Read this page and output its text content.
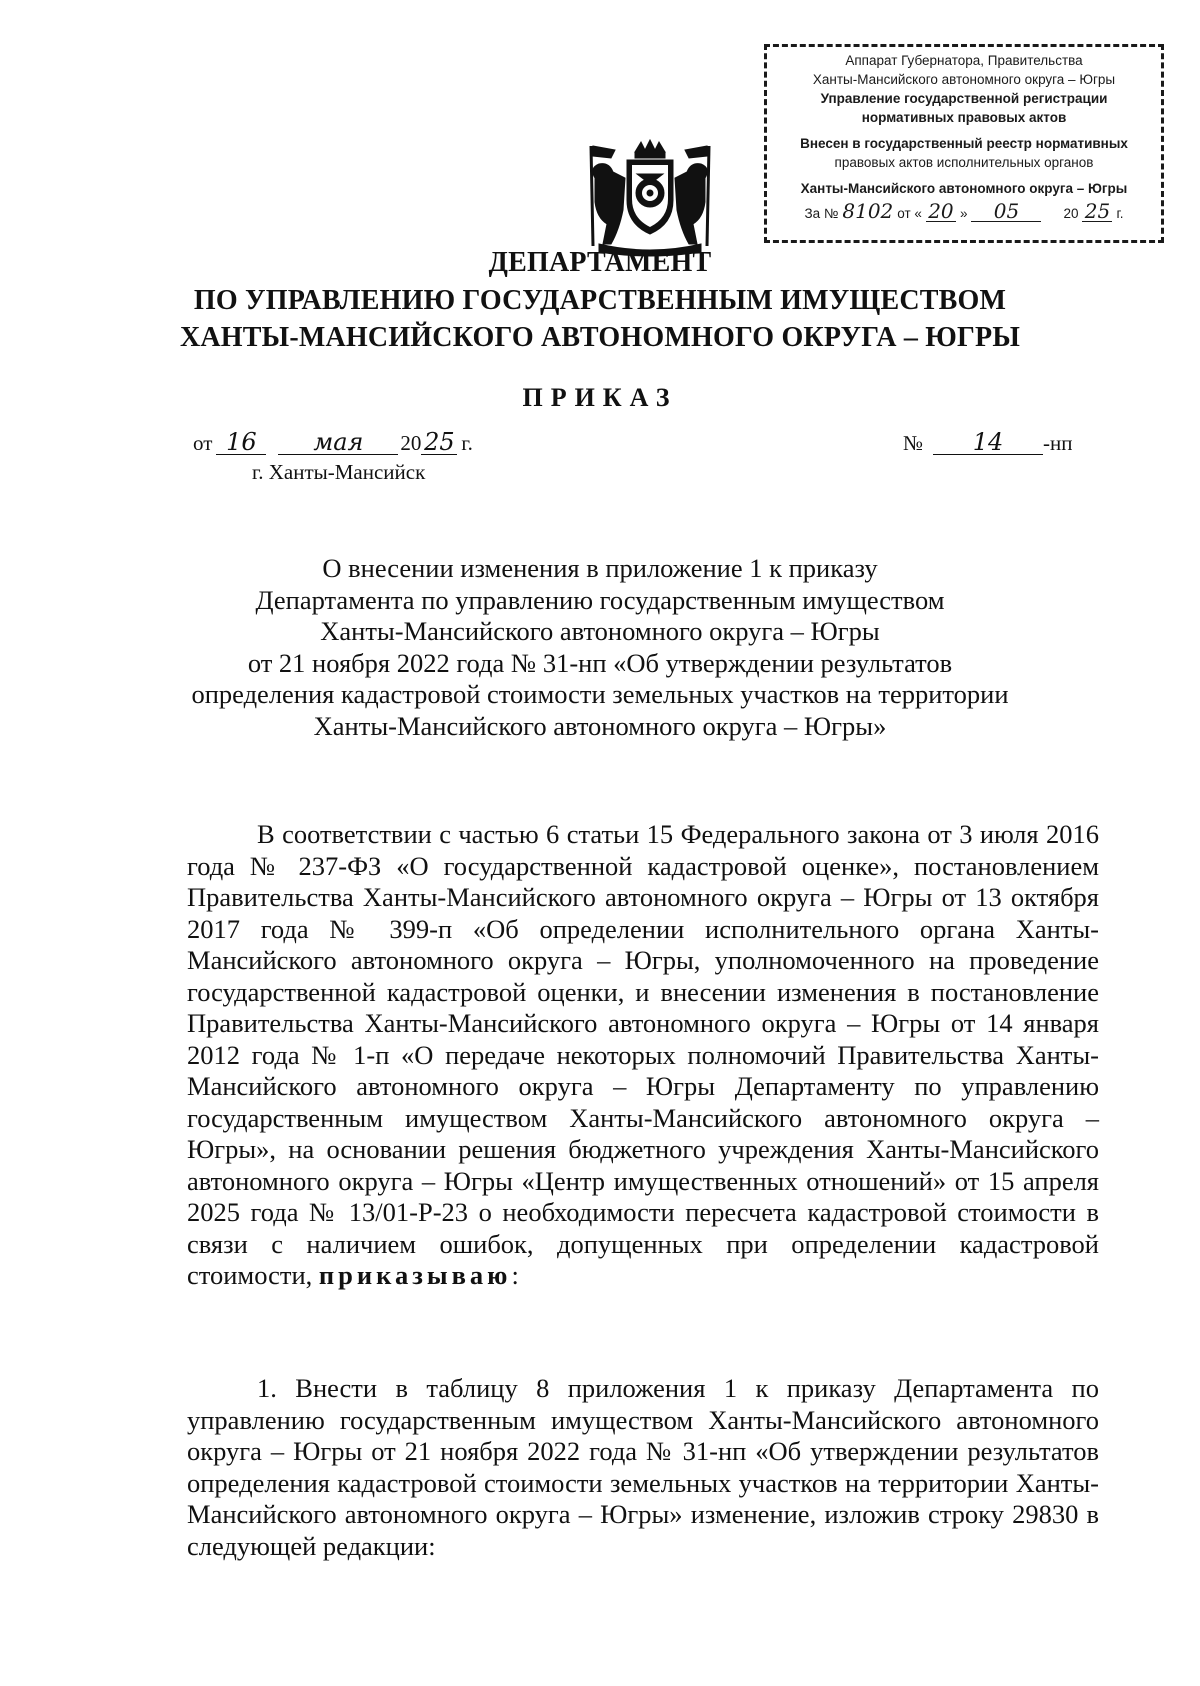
Аппарат Губернатора, Правительства
Ханты-Мансийского автономного округа – Югры
Управление государственной регистрации
нормативных правовых актов
Внесен в государственный реестр нормативных
правовых актов исполнительных органов
Ханты-Мансийского автономного округа – Югры
За № 8102 от « 20 »	05	20 25 г.
ДЕПАРТАМЕНТ
ПО УПРАВЛЕНИЮ ГОСУДАРСТВЕННЫМ ИМУЩЕСТВОМ
ХАНТЫ-МАНСИЙСКОГО АВТОНОМНОГО ОКРУГА – ЮГРЫ
ПРИКАЗ
от 16	мая	20 25 г.
г. Ханты-Мансийск
№	14	-нп
О внесении изменения в приложение 1 к приказу
Департамента по управлению государственным имуществом
Ханты-Мансийского автономного округа – Югры
от 21 ноября 2022 года № 31-нп «Об утверждении результатов
определения кадастровой стоимости земельных участков на территории
Ханты-Мансийского автономного округа – Югры»
В соответствии с частью 6 статьи 15 Федерального закона от 3 июля 2016 года № 237-ФЗ «О государственной кадастровой оценке», постановлением Правительства Ханты-Мансийского автономного округа – Югры от 13 октября 2017 года № 399-п «Об определении исполнительного органа Ханты-Мансийского автономного округа – Югры, уполномоченного на проведение государственной кадастровой оценки, и внесении изменения в постановление Правительства Ханты-Мансийского автономного округа – Югры от 14 января 2012 года № 1-п «О передаче некоторых полномочий Правительства Ханты-Мансийского автономного округа – Югры Департаменту по управлению государственным имуществом Ханты-Мансийского автономного округа – Югры», на основании решения бюджетного учреждения Ханты-Мансийского автономного округа – Югры «Центр имущественных отношений» от 15 апреля 2025 года № 13/01-Р-23 о необходимости пересчета кадастровой стоимости в связи с наличием ошибок, допущенных при определении кадастровой стоимости, приказываю:
1. Внести в таблицу 8 приложения 1 к приказу Департамента по управлению государственным имуществом Ханты-Мансийского автономного округа – Югры от 21 ноября 2022 года № 31-нп «Об утверждении результатов определения кадастровой стоимости земельных участков на территории Ханты-Мансийского автономного округа – Югры» изменение, изложив строку 29830 в следующей редакции:
